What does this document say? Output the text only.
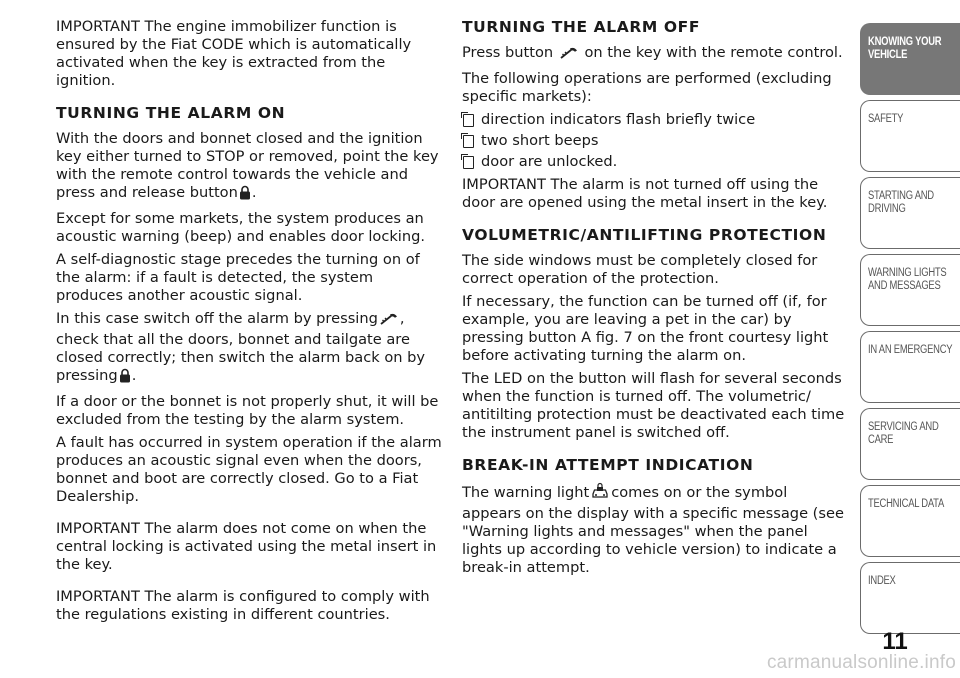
IMPORTANT The engine immobilizer function is ensured by the Fiat CODE which is automatically activated when the key is extracted from the ignition.

TURNING THE ALARM ON

With the doors and bonnet closed and the ignition key either turned to STOP or removed, point the key with the remote control towards the vehicle and press and release button .

Except for some markets, the system produces an acoustic warning (beep) and enables door locking.

A self-diagnostic stage precedes the turning on of the alarm: if a fault is detected, the system produces another acoustic signal.

In this case switch off the alarm by pressing , check that all the doors, bonnet and tailgate are closed correctly; then switch the alarm back on by pressing .

If a door or the bonnet is not properly shut, it will be excluded from the testing by the alarm system.

A fault has occurred in system operation if the alarm produces an acoustic signal even when the doors, bonnet and boot are correctly closed. Go to a Fiat Dealership.

IMPORTANT The alarm does not come on when the central locking is activated using the metal insert in the key.

IMPORTANT The alarm is configured to comply with the regulations existing in different countries.

TURNING THE ALARM OFF

Press button on the key with the remote control.

The following operations are performed (excluding specific markets):

direction indicators flash briefly twice
two short beeps
door are unlocked.

IMPORTANT The alarm is not turned off using the door are opened using the metal insert in the key.

VOLUMETRIC/ANTILIFTING PROTECTION

The side windows must be completely closed for correct operation of the protection.

If necessary, the function can be turned off (if, for example, you are leaving a pet in the car) by pressing button A fig. 7 on the front courtesy light before activating turning the alarm on.

The LED on the button will flash for several seconds when the function is turned off. The volumetric/ antitilting protection must be deactivated each time the instrument panel is switched off.

BREAK-IN ATTEMPT INDICATION

The warning light comes on or the symbol appears on the display with a specific message (see "Warning lights and messages" when the panel lights up according to vehicle version) to indicate a break-in attempt.

KNOWING YOUR VEHICLE
SAFETY
STARTING AND DRIVING
WARNING LIGHTS AND MESSAGES
IN AN EMERGENCY
SERVICING AND CARE
TECHNICAL DATA
INDEX
11
carmanualsonline.info
